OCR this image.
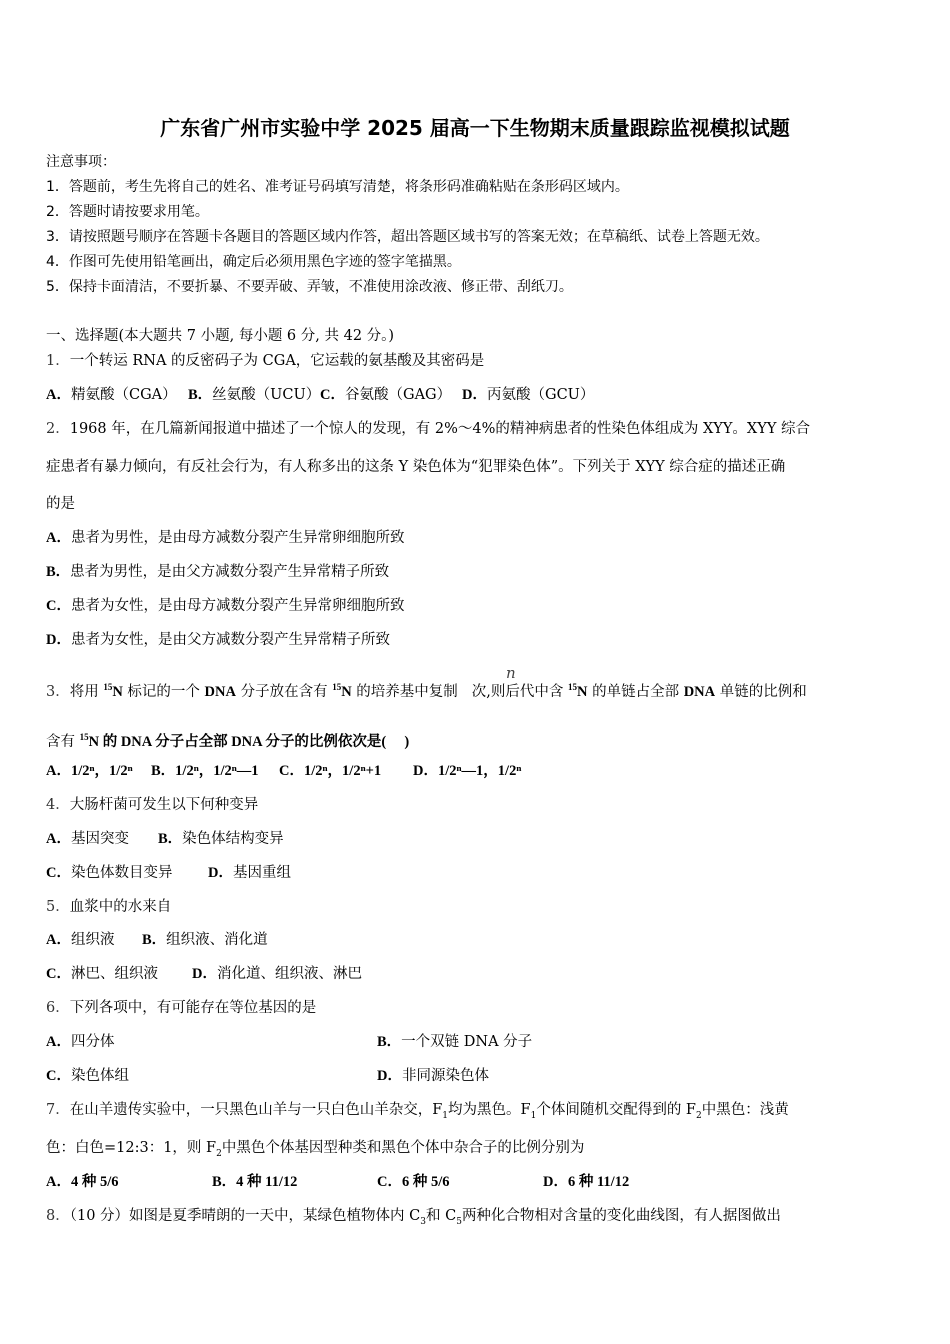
广东省广州市实验中学 2025 届高一下生物期末质量跟踪监视模拟试题
注意事项：
1．答题前，考生先将自己的姓名、准考证号码填写清楚，将条形码准确粘贴在条形码区域内。
2．答题时请按要求用笔。
3．请按照题号顺序在答题卡各题目的答题区域内作答，超出答题区域书写的答案无效；在草稿纸、试卷上答题无效。
4．作图可先使用铅笔画出，确定后必须用黑色字迹的签字笔描黑。
5．保持卡面清洁，不要折暴、不要弄破、弄皱，不准使用涂改液、修正带、刮纸刀。
一、选择题(本大题共 7 小题, 每小题 6 分, 共 42 分。)
1．一个转运 RNA 的反密码子为 CGA，它运载的氨基酸及其密码是
A．精氨酸（CGA） B．丝氨酸（UCU）C．谷氨酸（GAG） D．丙氨酸（GCU）
2．1968 年，在几篇新闻报道中描述了一个惊人的发现，有 2%～4%的精神病患者的性染色体组成为 XYY。XYY 综合
症患者有暴力倾向，有反社会行为，有人称多出的这条 Y 染色体为“犯罪染色体”。下列关于 XYY 综合症的描述正确
的是
A．患者为男性，是由母方减数分裂产生异常卵细胞所致
B．患者为男性，是由父方减数分裂产生异常精子所致
C．患者为女性，是由母方减数分裂产生异常卵细胞所致
D．患者为女性，是由父方减数分裂产生异常精子所致
3．将用 $^{15}$N 标记的一个 DNA 分子放在含有 $^{15}$N 的培养基中复制 次,则后代中含 $^{15}$N 的单链占全部 DNA 单链的比例和
n
含有 $^{15}$N 的 DNA 分子占全部 DNA 分子的比例依次是(　 )
A．1/2ⁿ，1/2ⁿ B．1/2ⁿ，1/2ⁿ—1 C．1/2ⁿ，1/2ⁿ+1 D．1/2ⁿ—1，1/2ⁿ
4．大肠杆菌可发生以下何种变异
A．基因突变 B．染色体结构变异
C．染色体数目变异 D．基因重组
5．血浆中的水来自
A．组织液 B．组织液、消化道
C．淋巴、组织液 D．消化道、组织液、淋巴
6．下列各项中，有可能存在等位基因的是
A．四分体	B．一个双链 DNA 分子
C．染色体组	D．非同源染色体
7．在山羊遗传实验中，一只黑色山羊与一只白色山羊杂交，$F_1$均为黑色。$F_1$个体间随机交配得到的 $F_2$中黑色：浅黄
色：白色=12:3：1，则 $F_2$中黑色个体基因型种类和黑色个体中杂合子的比例分别为
A．4 种 5/6	B．4 种 11/12	C．6 种 5/6	D．6 种 11/12
8．（10 分）如图是夏季晴朗的一天中，某绿色植物体内 $C_3$和 $C_5$两种化合物相对含量的变化曲线图，有人据图做出
